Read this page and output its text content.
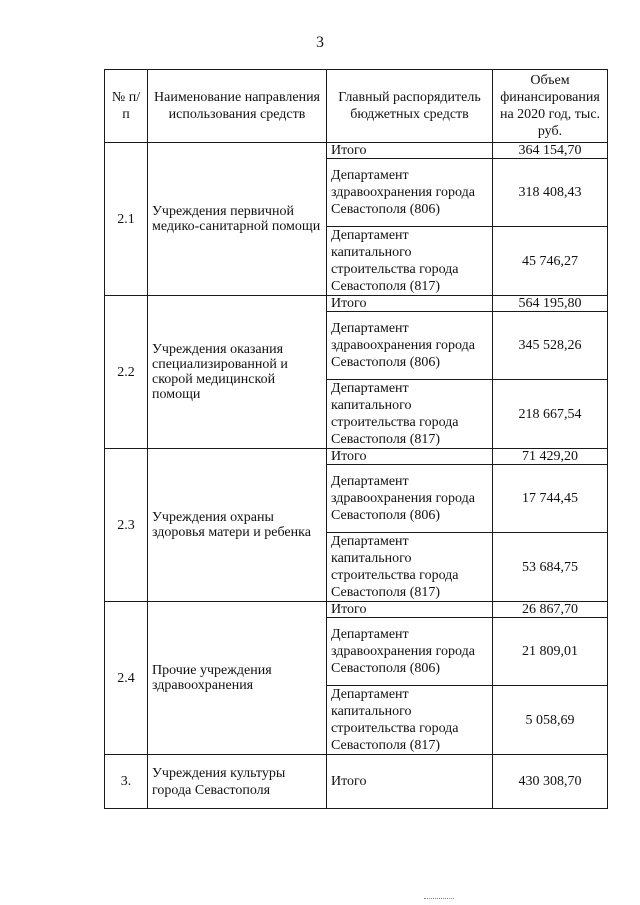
3
№ п/п	Наименование направления использования средств	Главный распорядитель бюджетных средств	Объем финансирования на 2020 год, тыс. руб.
2.1	Учреждения первичной медико-санитарной помощи	Итого	364 154,70
		Департамент здравоохранения города Севастополя (806)	318 408,43
		Департамент капитального строительства города Севастополя (817)	45 746,27
2.2	Учреждения оказания специализированной и скорой медицинской помощи	Итого	564 195,80
		Департамент здравоохранения города Севастополя (806)	345 528,26
		Департамент капитального строительства города Севастополя (817)	218 667,54
2.3	Учреждения охраны здоровья матери и ребенка	Итого	71 429,20
		Департамент здравоохранения города Севастополя (806)	17 744,45
		Департамент капитального строительства города Севастополя (817)	53 684,75
2.4	Прочие учреждения здравоохранения	Итого	26 867,70
		Департамент здравоохранения города Севастополя (806)	21 809,01
		Департамент капитального строительства города Севастополя (817)	5 058,69
3.	Учреждения культуры города Севастополя	Итого	430 308,70
